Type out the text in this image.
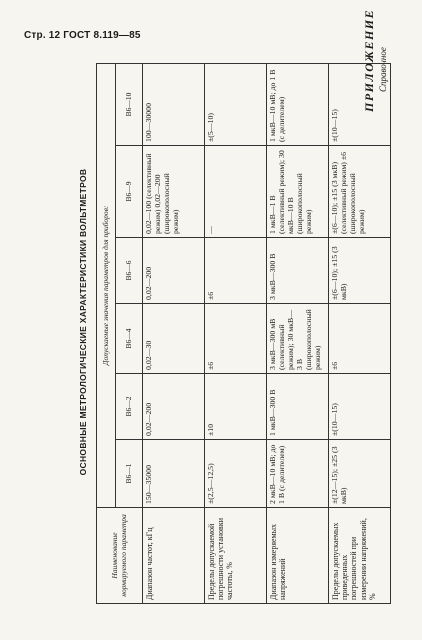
Стр. 12 ГОСТ 8.119—85	ПРИЛОЖЕНИЕ Справочное
ОСНОВНЫЕ МЕТРОЛОГИЧЕСКИЕ ХАРАКТЕРИСТИКИ ВОЛЬТМЕТРОВ
Наименование нормируемого параметра	Допускаемые значения параметров для приборов:					
	В6—1	В6—2	В6—4	В6—6	В6—9	В6—10
Диапазон частот, кГц	150—35000	0,02—200	0,02—30	0,02—200	0,02—100 (селективный режим) 0,02—200 (широкополосный режим)	100—30000
Пределы допускаемой погрешности установки частоты, %	±(2,5—12,5)	±10	±6	±6	—	±(5—10)
Диапазон измеряемых напряжений	2 мкВ—10 мВ; до 1 В (с делителем)	1 мкВ—300 В	3 мкВ—300 мВ (селективный режим); 30 мкВ—3 В (широкополосный режим)	3 мкВ—300 В	1 мкВ—1 В (селективный режим); 30 мкВ—10 В (широкополосный режим)	1 мкВ—10 мВ; до 1 В (с делителем)
Пределы допускаемых приведенных погрешностей при измерении напряжений, %	±(12—15); ±25 (3 мкВ)	±(10—15)	±6	±(6—10); ±15 (3 мкВ)	±(6—10); ±15 (3 мкВ) (селективный режим) ±6 (широкополосный режим)	±(10—15)
